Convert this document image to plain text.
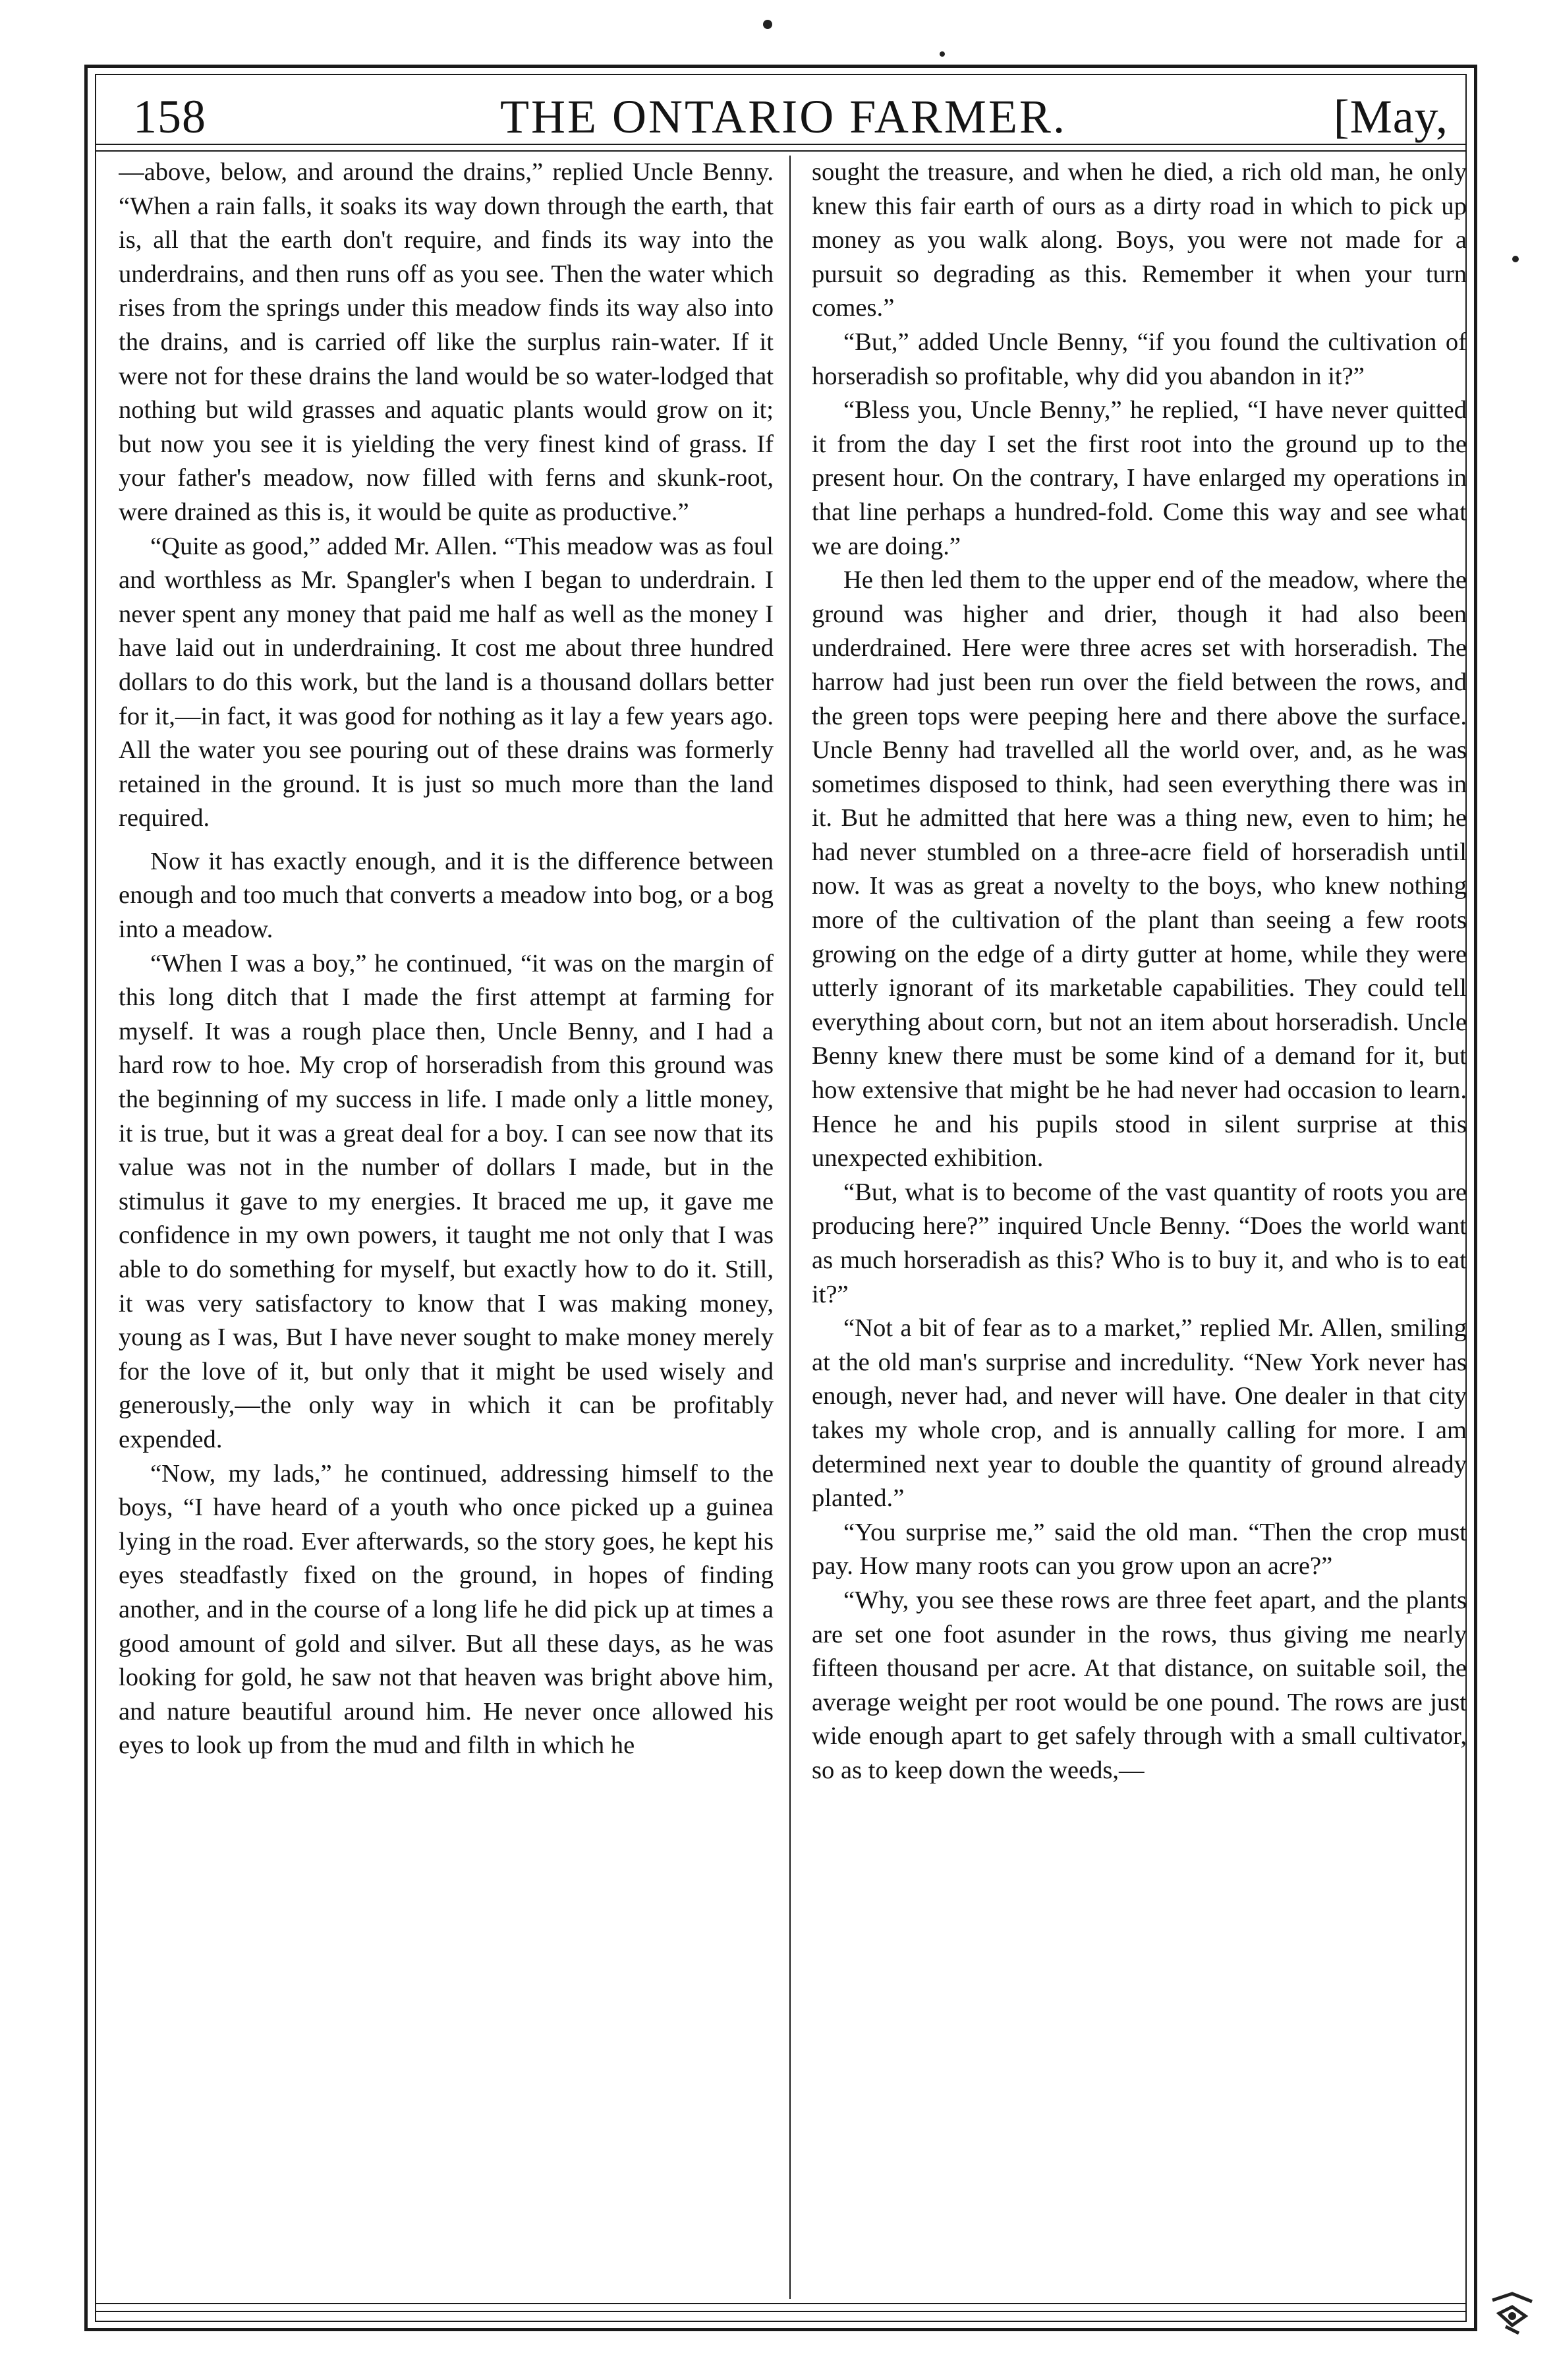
158	THE ONTARIO FARMER.	[May,

—above, below, and around the drains,” replied Uncle Benny. “When a rain falls, it soaks its way down through the earth, that is, all that the earth don't require, and finds its way into the underdrains, and then runs off as you see. Then the water which rises from the springs under this meadow finds its way also into the drains, and is carried off like the surplus rain-water. If it were not for these drains the land would be so water-lodged that nothing but wild grasses and aquatic plants would grow on it; but now you see it is yielding the very finest kind of grass. If your father's meadow, now filled with ferns and skunk-root, were drained as this is, it would be quite as productive.”

“Quite as good,” added Mr. Allen. “This meadow was as foul and worthless as Mr. Spangler's when I began to underdrain. I never spent any money that paid me half as well as the money I have laid out in underdraining. It cost me about three hundred dollars to do this work, but the land is a thousand dollars better for it,—in fact, it was good for nothing as it lay a few years ago. All the water you see pouring out of these drains was formerly retained in the ground. It is just so much more than the land required.

Now it has exactly enough, and it is the difference between enough and too much that converts a meadow into bog, or a bog into a meadow.

“When I was a boy,” he continued, “it was on the margin of this long ditch that I made the first attempt at farming for myself. It was a rough place then, Uncle Benny, and I had a hard row to hoe. My crop of horseradish from this ground was the beginning of my success in life. I made only a little money, it is true, but it was a great deal for a boy. I can see now that its value was not in the number of dollars I made, but in the stimulus it gave to my energies. It braced me up, it gave me confidence in my own powers, it taught me not only that I was able to do something for myself, but exactly how to do it. Still, it was very satisfactory to know that I was making money, young as I was, But I have never sought to make money merely for the love of it, but only that it might be used wisely and generously,—the only way in which it can be profitably expended.

“Now, my lads,” he continued, addressing himself to the boys, “I have heard of a youth who once picked up a guinea lying in the road. Ever afterwards, so the story goes, he kept his eyes steadfastly fixed on the ground, in hopes of finding another, and in the course of a long life he did pick up at times a good amount of gold and silver. But all these days, as he was looking for gold, he saw not that heaven was bright above him, and nature beautiful around him. He never once allowed his eyes to look up from the mud and filth in which he

sought the treasure, and when he died, a rich old man, he only knew this fair earth of ours as a dirty road in which to pick up money as you walk along. Boys, you were not made for a pursuit so degrading as this. Remember it when your turn comes.”

“But,” added Uncle Benny, “if you found the cultivation of horseradish so profitable, why did you abandon in it?”

“Bless you, Uncle Benny,” he replied, “I have never quitted it from the day I set the first root into the ground up to the present hour. On the contrary, I have enlarged my operations in that line perhaps a hundred-fold. Come this way and see what we are doing.”

He then led them to the upper end of the meadow, where the ground was higher and drier, though it had also been underdrained. Here were three acres set with horseradish. The harrow had just been run over the field between the rows, and the green tops were peeping here and there above the surface. Uncle Benny had travelled all the world over, and, as he was sometimes disposed to think, had seen everything there was in it. But he admitted that here was a thing new, even to him; he had never stumbled on a three-acre field of horseradish until now. It was as great a novelty to the boys, who knew nothing more of the cultivation of the plant than seeing a few roots growing on the edge of a dirty gutter at home, while they were utterly ignorant of its marketable capabilities. They could tell everything about corn, but not an item about horseradish. Uncle Benny knew there must be some kind of a demand for it, but how extensive that might be he had never had occasion to learn. Hence he and his pupils stood in silent surprise at this unexpected exhibition.

“But, what is to become of the vast quantity of roots you are producing here?” inquired Uncle Benny. “Does the world want as much horseradish as this? Who is to buy it, and who is to eat it?”

“Not a bit of fear as to a market,” replied Mr. Allen, smiling at the old man's surprise and incredulity. “New York never has enough, never had, and never will have. One dealer in that city takes my whole crop, and is annually calling for more. I am determined next year to double the quantity of ground already planted.”

“You surprise me,” said the old man. “Then the crop must pay. How many roots can you grow upon an acre?”

“Why, you see these rows are three feet apart, and the plants are set one foot asunder in the rows, thus giving me nearly fifteen thousand per acre. At that distance, on suitable soil, the average weight per root would be one pound. The rows are just wide enough apart to get safely through with a small cultivator, so as to keep down the weeds,—
